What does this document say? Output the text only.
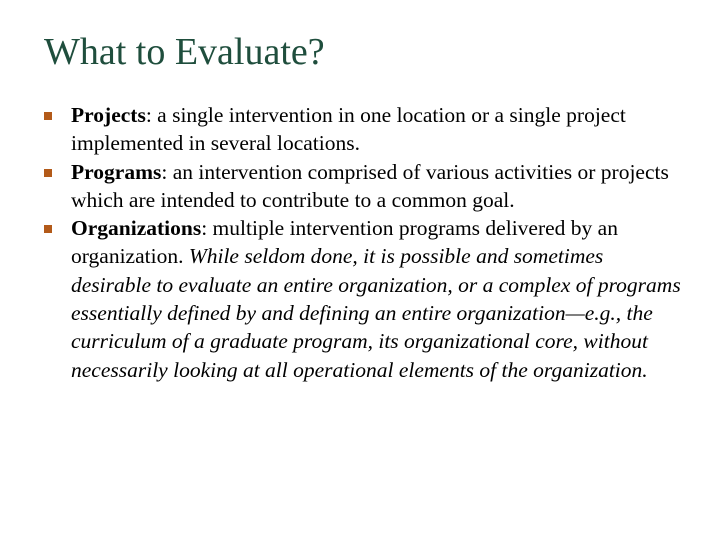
What to Evaluate?
Projects: a single intervention in one location or a single project implemented in several locations.
Programs: an intervention comprised of various activities or projects which are intended to contribute to a common goal.
Organizations: multiple intervention programs delivered by an organization. While seldom done, it is possible and sometimes desirable to evaluate an entire organization, or a complex of programs essentially defined by and defining an entire organization—e.g., the curriculum of a graduate program, its organizational core, without necessarily looking at all operational elements of the organization.
